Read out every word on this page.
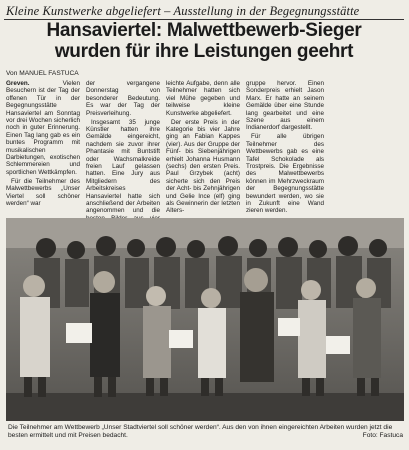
Kleine Kunstwerke abgeliefert – Ausstellung in der Begegnungsstätte
Hansaviertel: Malwettbewerb-Sieger
wurden für ihre Leistungen geehrt
Von MANUEL FASTUCA

Greven.	Vielen Besuchern ist der Tag der offenen Tür in der Begegnungsstätte Hansaviertel am Sonntag vor drei Wochen sicherlich noch in guter Erinnerung. Einen Tag lang gab es ein buntes Programm mit musikalischen Darbietungen, exotischen Schlemmereien und sportlichen Wettkämpfen.

Für die Teilnehmer des Malwettbewerbs „Unser Viertel soll schöner werden“ war

der vergangene Donnerstag von besonderer Bedeutung. Es war der Tag der Preisverleihung.

Insgesamt 35 junge Künstler hatten ihre Gemälde eingereicht, nachdem sie zuvor ihrer Phantasie mit Buntstift oder Wachsmalkreide freien Lauf gelassen hatten. Eine Jury aus Mitgliedern des Arbeitskreises Hansaviertel hatte sich anschließend der Arbeiten angenommen und die

leichte Aufgabe, denn alle Teilnehmer hatten sich viel Mühe gegeben und teilweise kleine Kunstwerke abgeliefert.

Der erste Preis in der Kategorie bis vier Jahre ging an Fabian Kappes (vier). Aus der Gruppe der Fünf- bis Siebenjährigen erhielt Johanna Husmann (sechs) den ersten Preis. Paul Grzybek (acht) sicherte sich den Preis der Acht- bis Zehnjährigen und Gelie Ince (elf) ging als Gewinnerin der letzten Alters-

gruppe hervor. Einen Sonderpreis erhielt Jason Marx. Er hatte an seinem Gemälde über eine Stunde lang gearbeitet und eine Szene aus einem Indianerdorf dargestellt.

Für alle übrigen Teilnehmer des Wettbewerbs gab es eine Tafel Schokolade als Trostpreis. Die Ergebnisse des Malwettbewerbs können im Mehrzweckraum der Begegnungsstätte bewundert werden, wo sie in Zukunft eine Wand zieren werden.

Die Teilnehmer am Wettbewerb „Unser Stadtviertel soll schöner werden“. Aus den von ihnen eingereichten Arbeiten wurden jetzt die besten ermittelt und mit Preisen bedacht.	Foto: Fastuca
